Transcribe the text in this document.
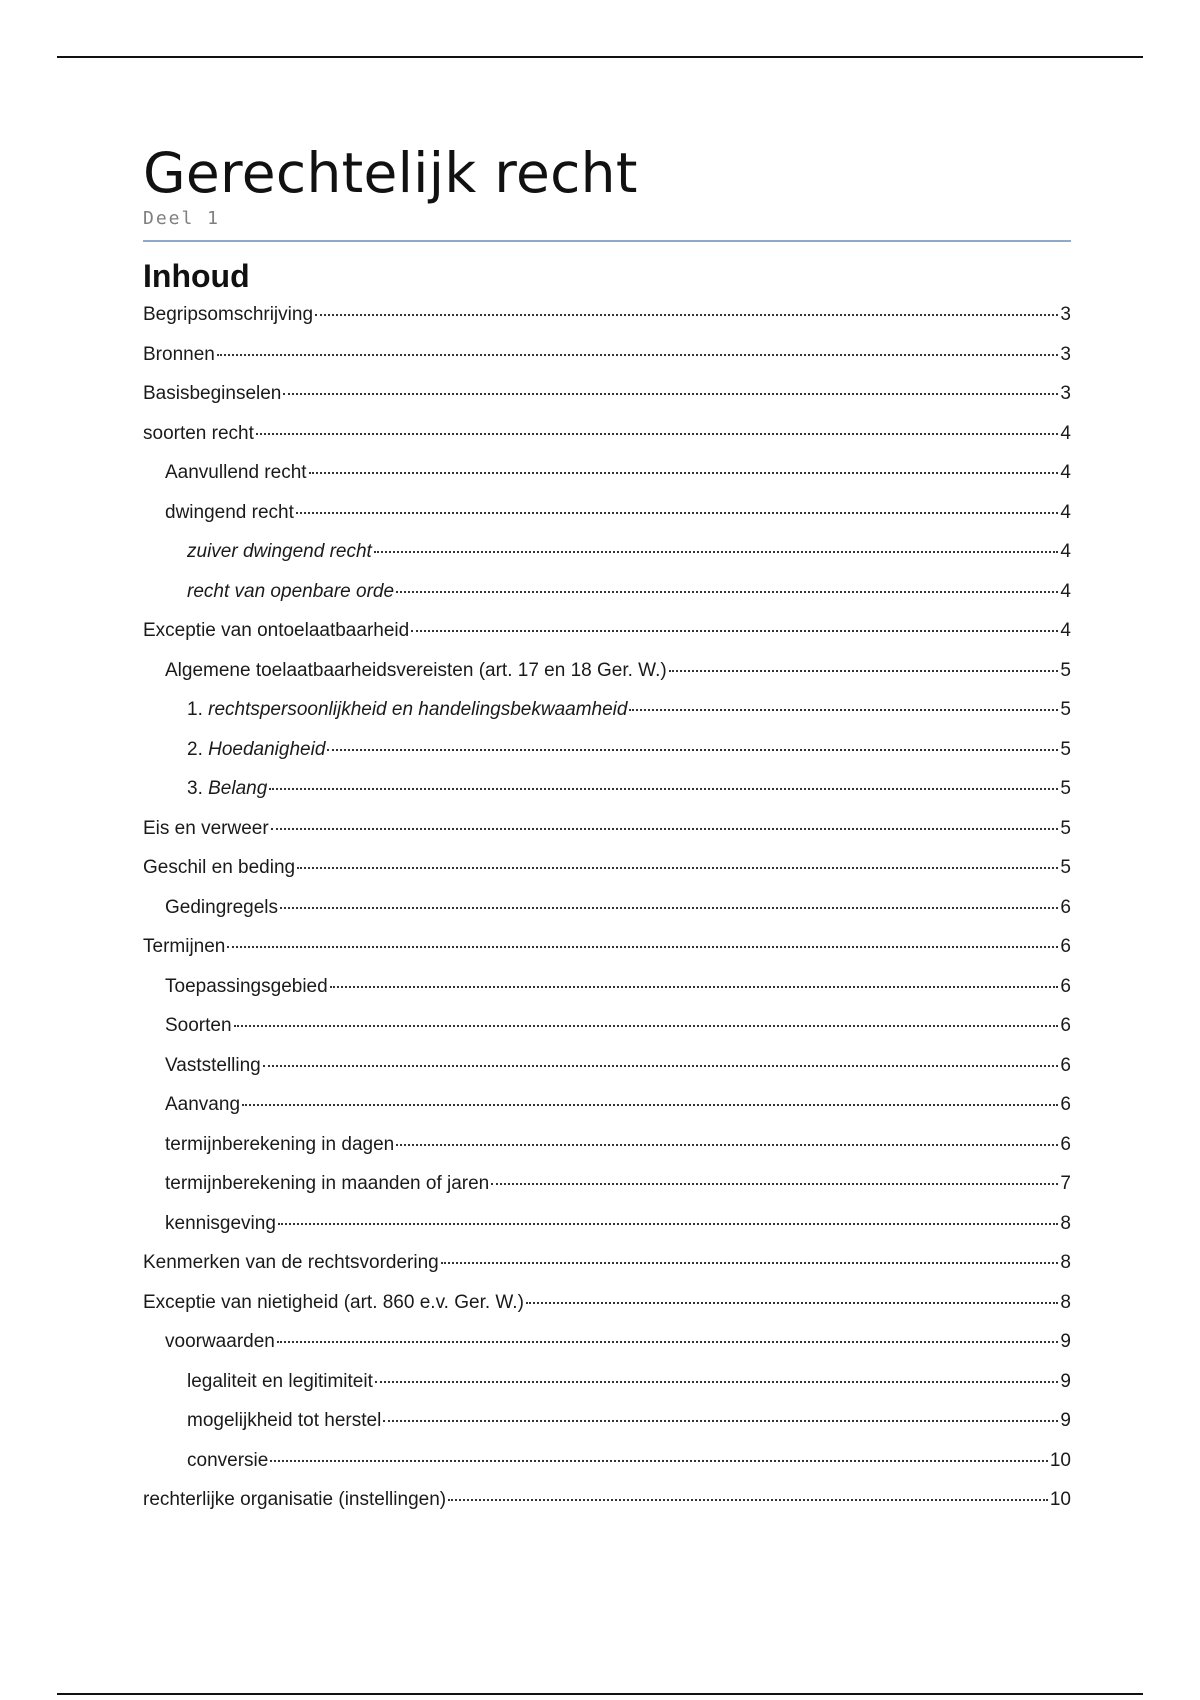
Gerechtelijk recht
Deel 1
Inhoud
Begripsomschrijving	3
Bronnen	3
Basisbeginselen	3
soorten recht	4
Aanvullend recht	4
dwingend recht	4
zuiver dwingend recht	4
recht van openbare orde	4
Exceptie van ontoelaatbaarheid	4
Algemene toelaatbaarheidsvereisten (art. 17 en 18 Ger. W.)	5
1. rechtspersoonlijkheid en handelingsbekwaamheid	5
2. Hoedanigheid	5
3. Belang	5
Eis en verweer	5
Geschil en beding	5
Gedingregels	6
Termijnen	6
Toepassingsgebied	6
Soorten	6
Vaststelling	6
Aanvang	6
termijnberekening in dagen	6
termijnberekening in maanden of jaren	7
kennisgeving	8
Kenmerken van de rechtsvordering	8
Exceptie van nietigheid (art. 860 e.v. Ger. W.)	8
voorwaarden	9
legaliteit en legitimiteit	9
mogelijkheid tot herstel	9
conversie	10
rechterlijke organisatie (instellingen)	10
